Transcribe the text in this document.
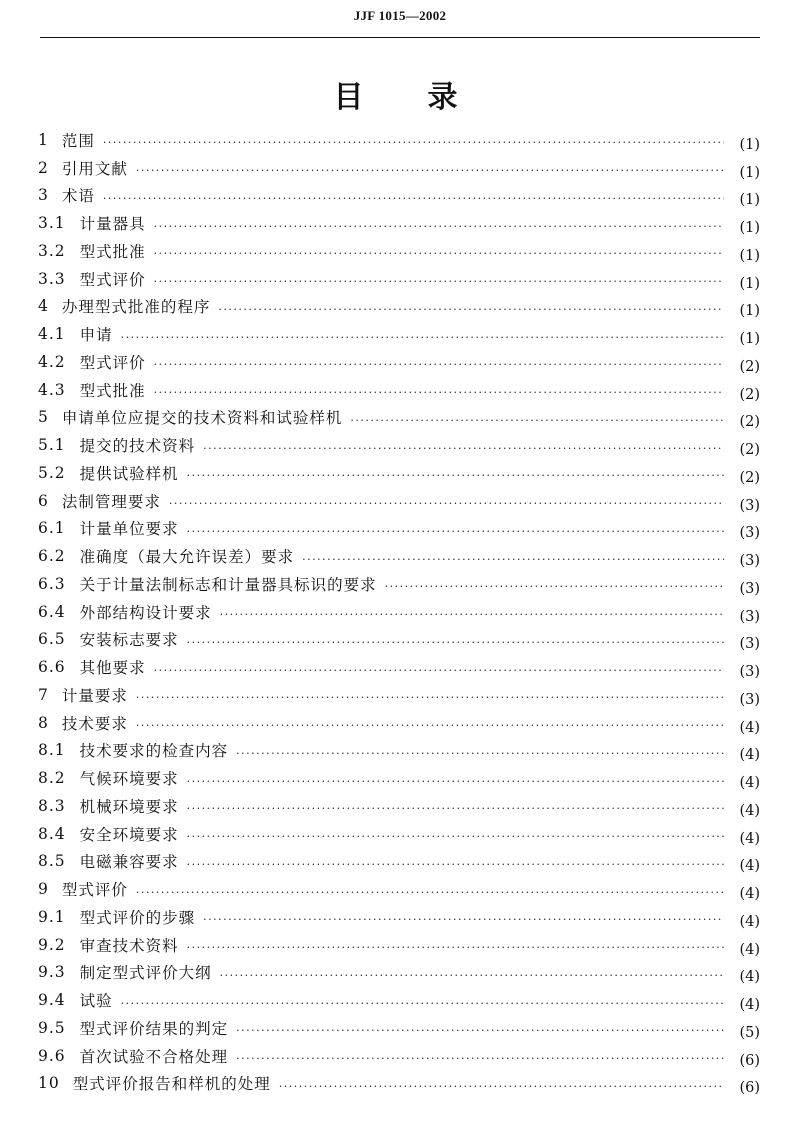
JJF 1015—2002
目 录
1 范围 ·····	(1)
2 引用文献 ·····	(1)
3 术语 ·····	(1)
3.1 计量器具 ·····	(1)
3.2 型式批准 ·····	(1)
3.3 型式评价 ·····	(1)
4 办理型式批准的程序 ·····	(1)
4.1 申请 ·····	(1)
4.2 型式评价 ·····	(2)
4.3 型式批准 ·····	(2)
5 申请单位应提交的技术资料和试验样机 ·····	(2)
5.1 提交的技术资料 ·····	(2)
5.2 提供试验样机 ·····	(2)
6 法制管理要求 ·····	(3)
6.1 计量单位要求 ·····	(3)
6.2 准确度（最大允许误差）要求 ·····	(3)
6.3 关于计量法制标志和计量器具标识的要求 ·····	(3)
6.4 外部结构设计要求 ·····	(3)
6.5 安装标志要求 ·····	(3)
6.6 其他要求 ·····	(3)
7 计量要求 ·····	(3)
8 技术要求 ·····	(4)
8.1 技术要求的检查内容 ·····	(4)
8.2 气候环境要求 ·····	(4)
8.3 机械环境要求 ·····	(4)
8.4 安全环境要求 ·····	(4)
8.5 电磁兼容要求 ·····	(4)
9 型式评价 ·····	(4)
9.1 型式评价的步骤 ·····	(4)
9.2 审查技术资料 ·····	(4)
9.3 制定型式评价大纲 ·····	(4)
9.4 试验 ·····	(4)
9.5 型式评价结果的判定 ·····	(5)
9.6 首次试验不合格处理 ·····	(6)
10 型式评价报告和样机的处理 ·····	(6)
